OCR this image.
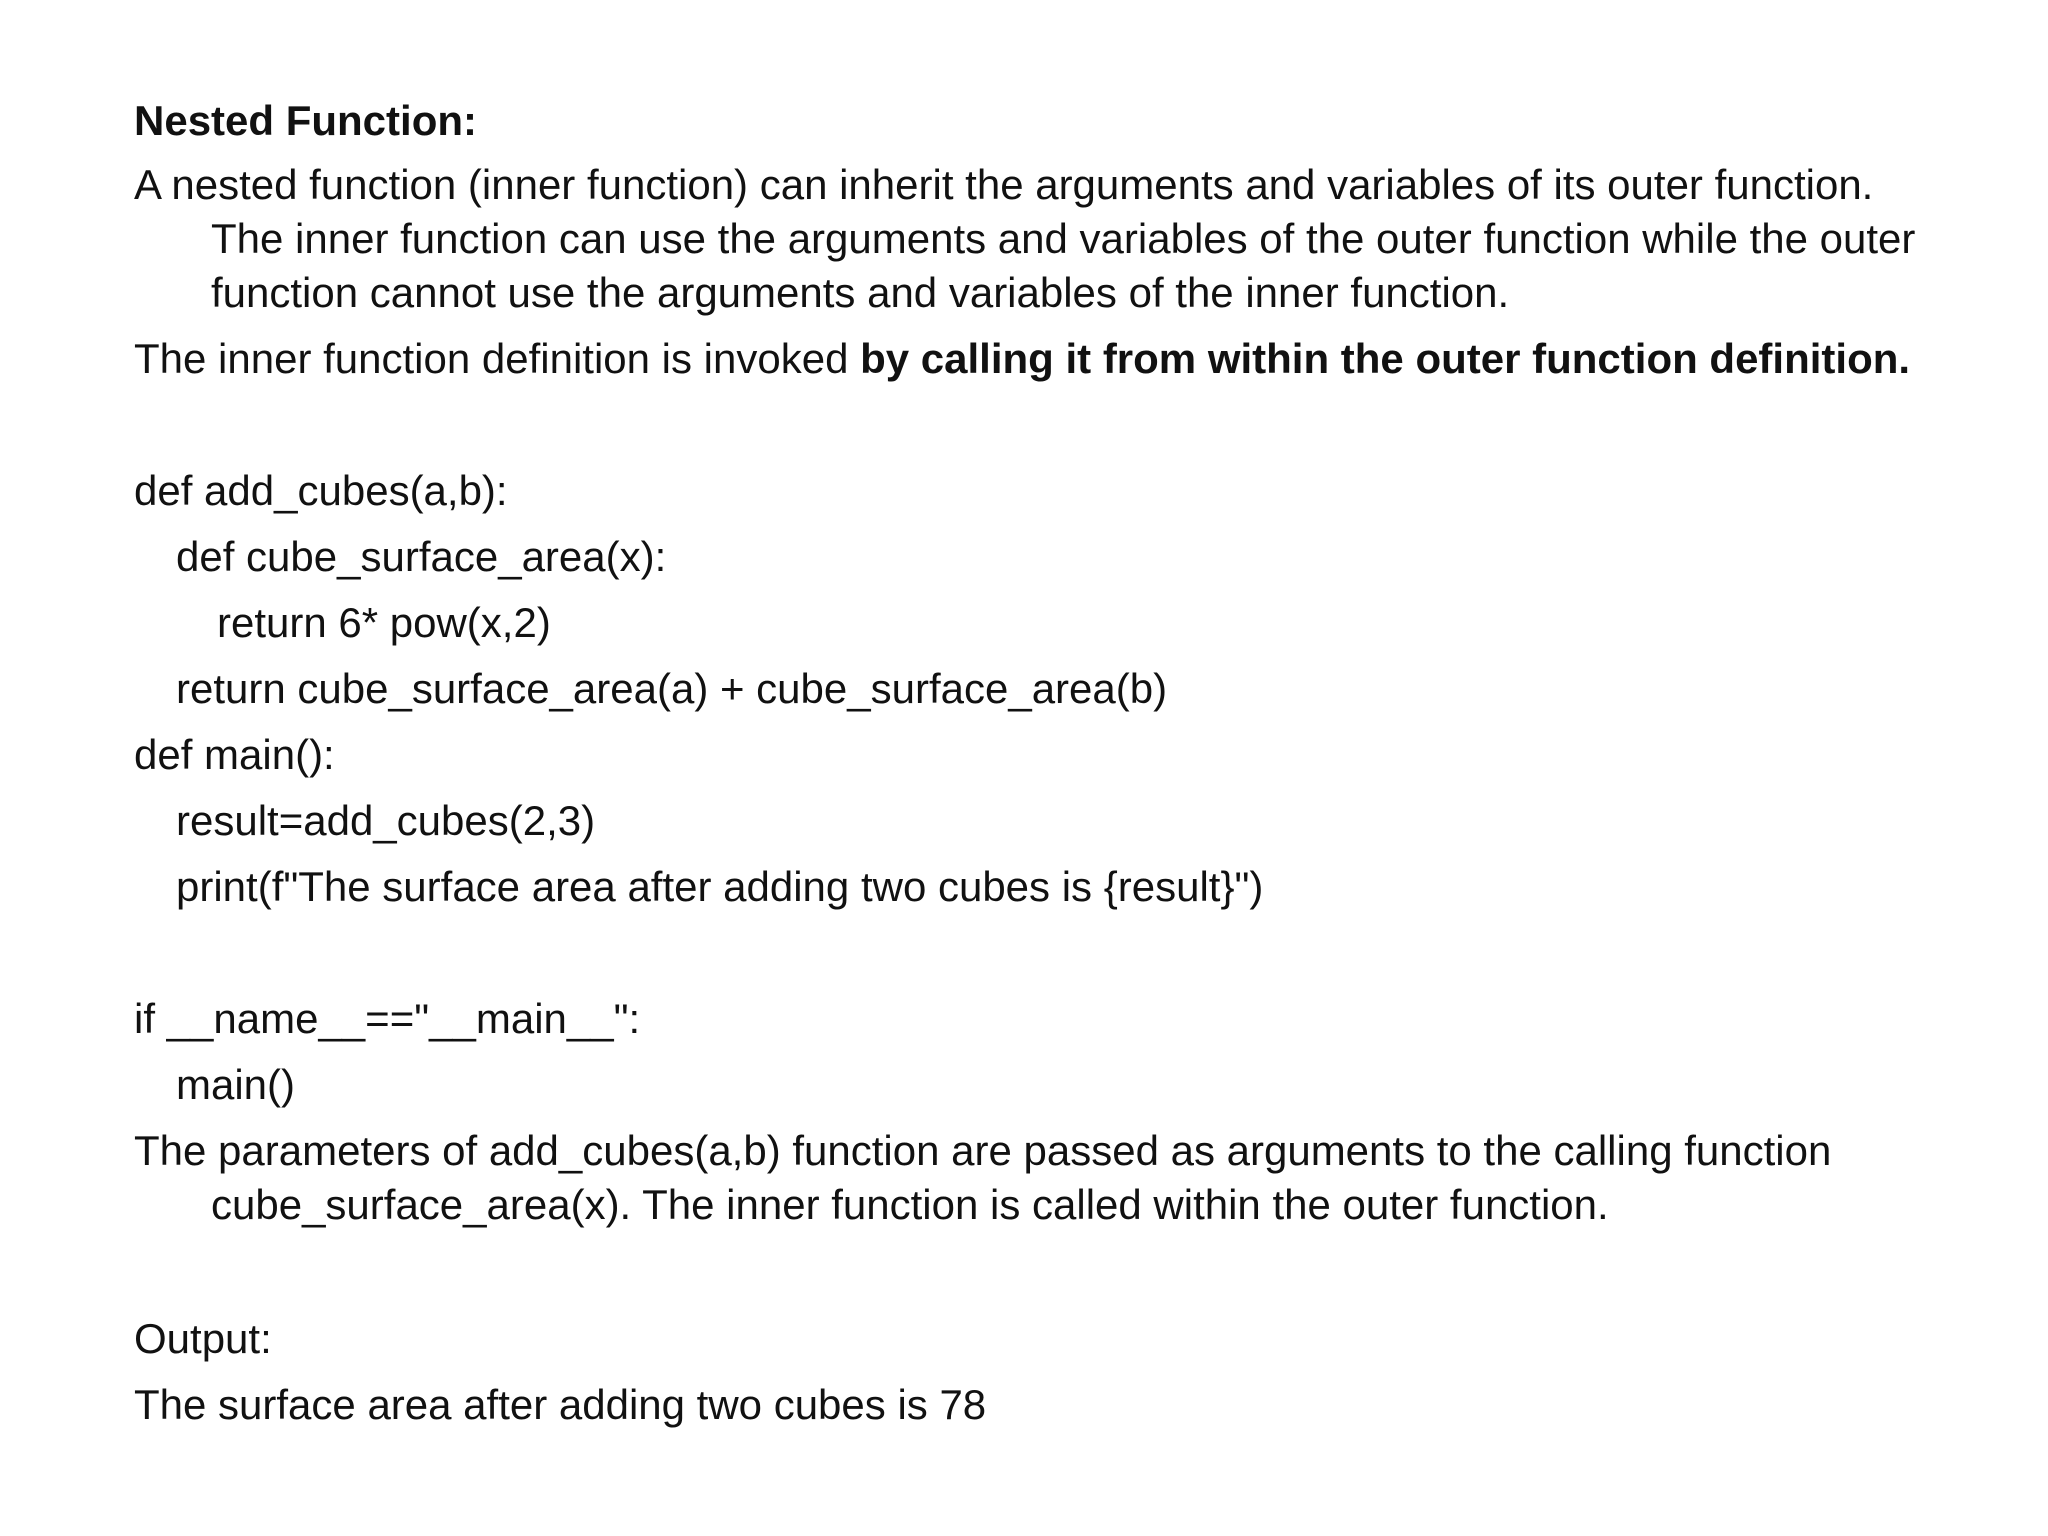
Nested Function:
A nested function (inner function) can inherit the arguments and variables of its outer function.
The inner function can use the arguments and variables of the outer function while the outer
function cannot use the arguments and variables of the inner function.
The inner function definition is invoked by calling it from within the outer function definition.
def add_cubes(a,b):
def cube_surface_area(x):
return 6* pow(x,2)
return cube_surface_area(a) + cube_surface_area(b)
def main():
result=add_cubes(2,3)
print(f"The surface area after adding two cubes is {result}")
if __name__=="__main__":
main()
The parameters of add_cubes(a,b) function are passed as arguments to the calling function
cube_surface_area(x). The inner function is called within the outer function.
Output:
The surface area after adding two cubes is 78
